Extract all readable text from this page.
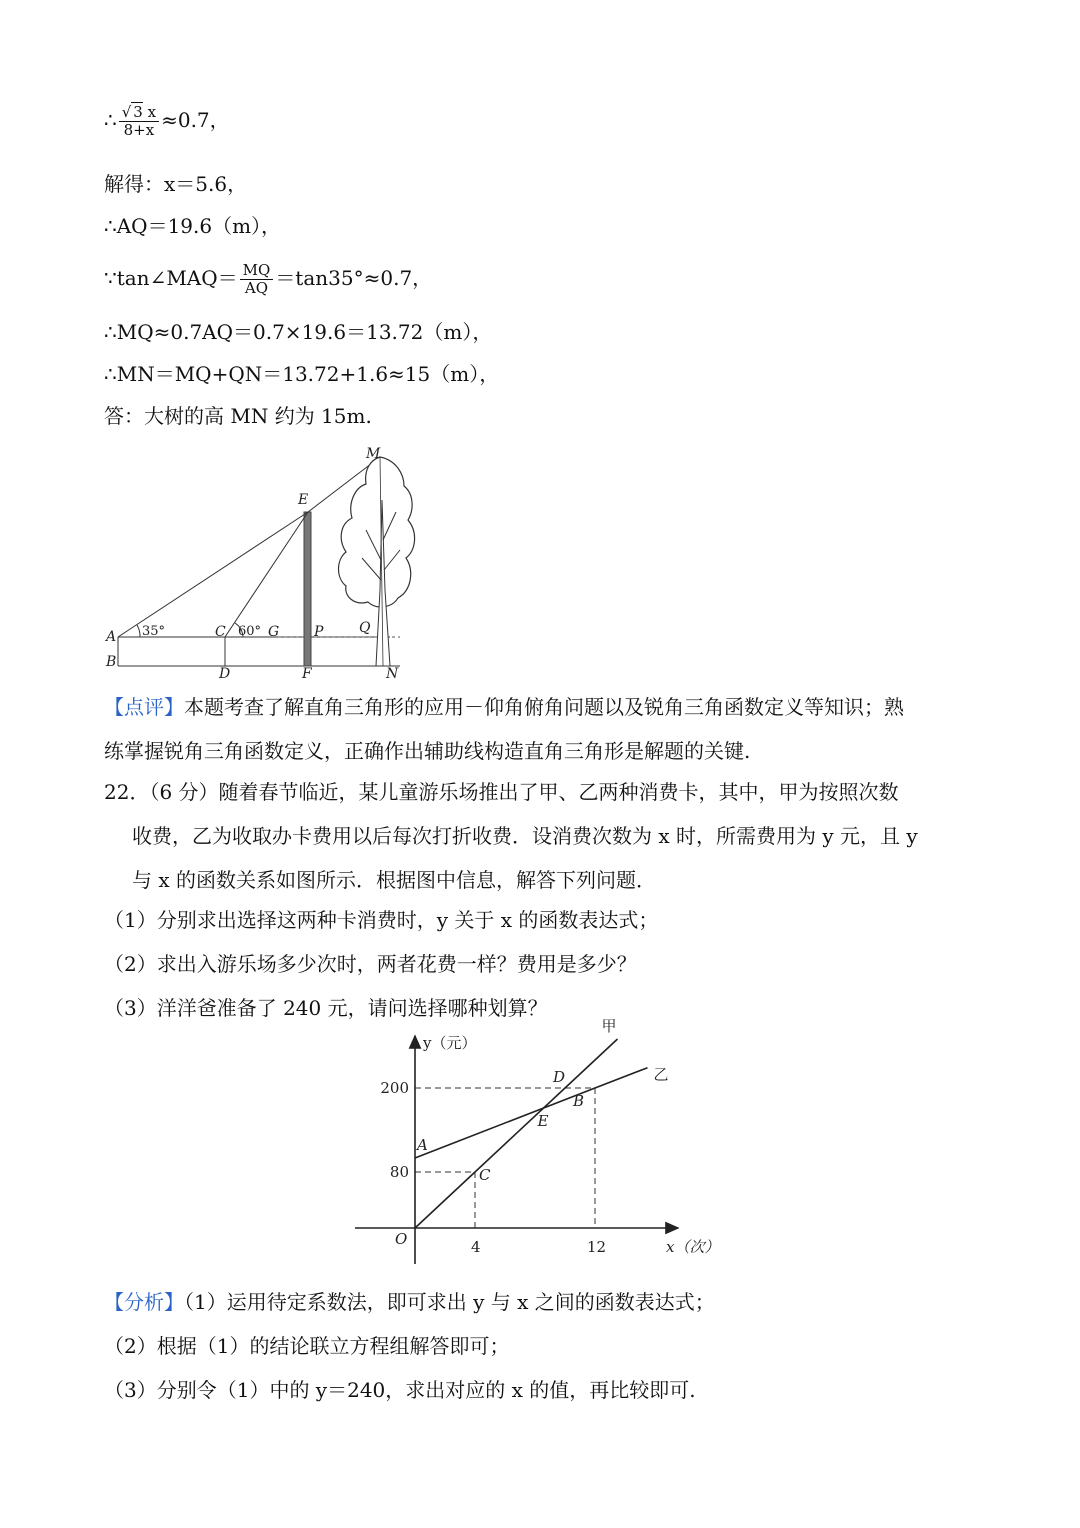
∴ $\frac{√ 3 x}{8+x} \approx 0.7$，
解得：x＝5.6，
∴AQ＝19.6（m），
∵tan∠MAQ＝ $\frac{MQ}{AQ} =\tan 35^\circ\approx 0.7$，
∴MQ≈0.7AQ＝0.7×19.6＝13.72（m），
∴MN＝MQ+QN＝13.72+1.6≈15（m），
答：大树的高 MN 约为 15m.
M
E
A
B
C
D
G P
F
Q
N
35°	60°
【点评】本题考查了解直角三角形的应用－仰角俯角问题以及锐角三角函数定义等知识；熟
练掌握锐角三角函数定义，正确作出辅助线构造直角三角形是解题的关键.
22．（6 分）随着春节临近，某儿童游乐场推出了甲、乙两种消费卡，其中，甲为按照次数
收费，乙为收取办卡费用以后每次打折收费．设消费次数为 x 时，所需费用为 y 元，且 y
与 x 的函数关系如图所示．根据图中信息，解答下列问题．
（1）分别求出选择这两种卡消费时，y 关于 x 的函数表达式；
（2）求出入游乐场多少次时，两者花费一样？费用是多少？
（3）洋洋爸准备了 240 元，请问选择哪种划算？
y（元）
x（次）
O	4	12
80
200
甲
乙
A
C
E
D
B
【分析】（1）运用待定系数法，即可求出 y 与 x 之间的函数表达式；
（2）根据（1）的结论联立方程组解答即可；
（3）分别令（1）中的 y＝240，求出对应的 x 的值，再比较即可.
